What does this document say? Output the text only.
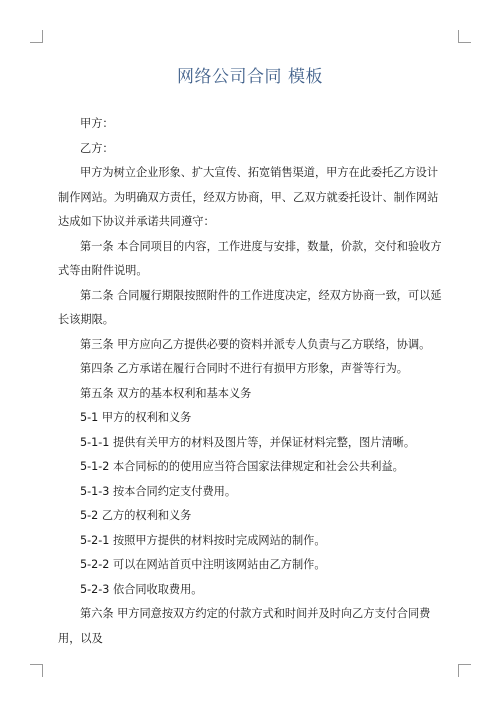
网络公司合同 模板

甲方：

乙方：

甲方为树立企业形象、扩大宣传、拓宽销售渠道，甲方在此委托乙方设计制作网站。为明确双方责任，经双方协商，甲、乙双方就委托设计、制作网站达成如下协议并承诺共同遵守：

第一条 本合同项目的内容，工作进度与安排，数量，价款，交付和验收方式等由附件说明。

第二条 合同履行期限按照附件的工作进度决定，经双方协商一致，可以延长该期限。

第三条 甲方应向乙方提供必要的资料并派专人负责与乙方联络，协调。

第四条 乙方承诺在履行合同时不进行有损甲方形象，声誉等行为。

第五条 双方的基本权利和基本义务

5-1 甲方的权利和义务

5-1-1 提供有关甲方的材料及图片等，并保证材料完整，图片清晰。

5-1-2 本合同标的的使用应当符合国家法律规定和社会公共利益。

5-1-3 按本合同约定支付费用。

5-2 乙方的权利和义务

5-2-1 按照甲方提供的材料按时完成网站的制作。

5-2-2 可以在网站首页中注明该网站由乙方制作。

5-2-3 依合同收取费用。

第六条 甲方同意按双方约定的付款方式和时间并及时向乙方支付合同费用，以及
